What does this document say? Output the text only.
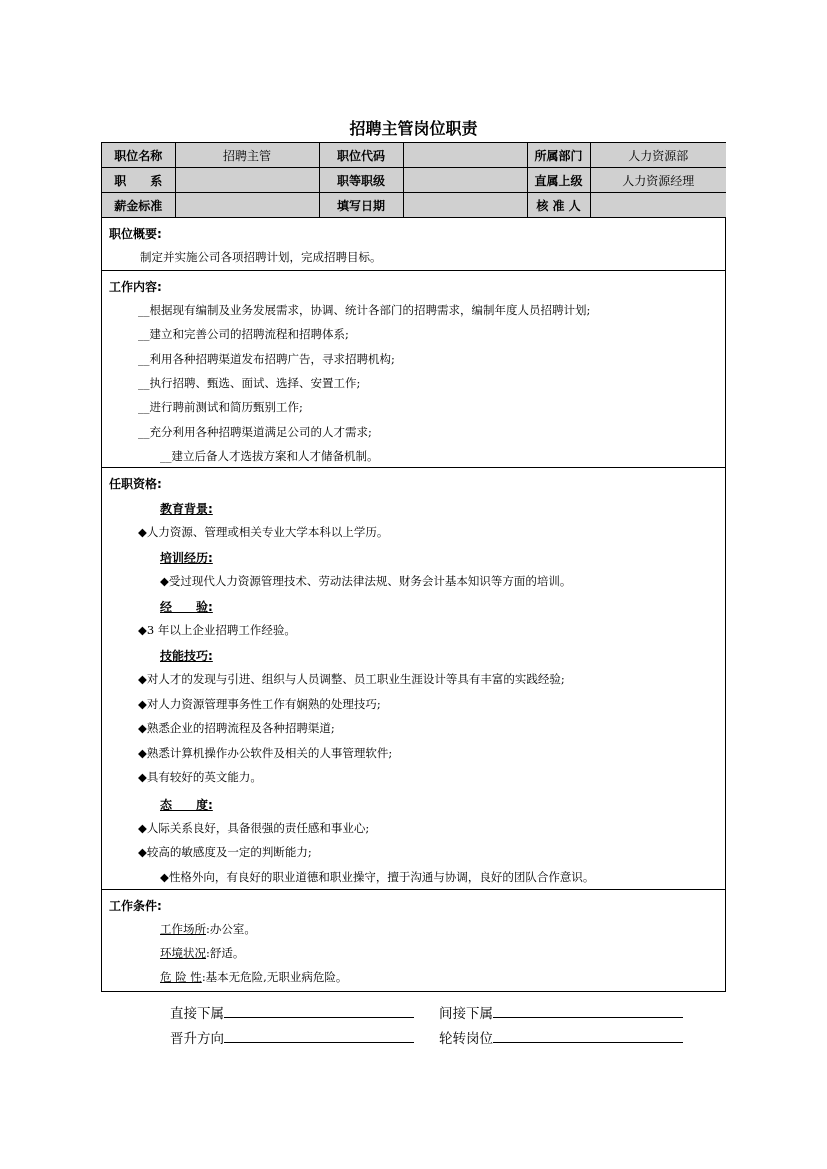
招聘主管岗位职责
职位名称	招聘主管	职位代码		所属部门	人力资源部
职　　系		职等职级		直属上级	人力资源经理
薪金标准		填写日期		核 准 人	
职位概要:
制定并实施公司各项招聘计划，完成招聘目标。
工作内容:
__根据现有编制及业务发展需求，协调、统计各部门的招聘需求，编制年度人员招聘计划;
__建立和完善公司的招聘流程和招聘体系;
__利用各种招聘渠道发布招聘广告，寻求招聘机构;
__执行招聘、甄选、面试、选择、安置工作;
__进行聘前测试和简历甄别工作;
__充分利用各种招聘渠道满足公司的人才需求;
__建立后备人才选拔方案和人才储备机制。
任职资格:
教育背景:
◆人力资源、管理或相关专业大学本科以上学历。
培训经历:
◆受过现代人力资源管理技术、劳动法律法规、财务会计基本知识等方面的培训。
经　　验:
◆3 年以上企业招聘工作经验。
技能技巧:
◆对人才的发现与引进、组织与人员调整、员工职业生涯设计等具有丰富的实践经验;
◆对人力资源管理事务性工作有娴熟的处理技巧;
◆熟悉企业的招聘流程及各种招聘渠道;
◆熟悉计算机操作办公软件及相关的人事管理软件;
◆具有较好的英文能力。
态　　度:
◆人际关系良好，具备很强的责任感和事业心;
◆较高的敏感度及一定的判断能力;
◆性格外向，有良好的职业道德和职业操守，擅于沟通与协调，良好的团队合作意识。
工作条件:
工作场所:办公室。
环境状况:舒适。
危 险 性:基本无危险,无职业病危险。
直接下属	间接下属
晋升方向	轮转岗位
